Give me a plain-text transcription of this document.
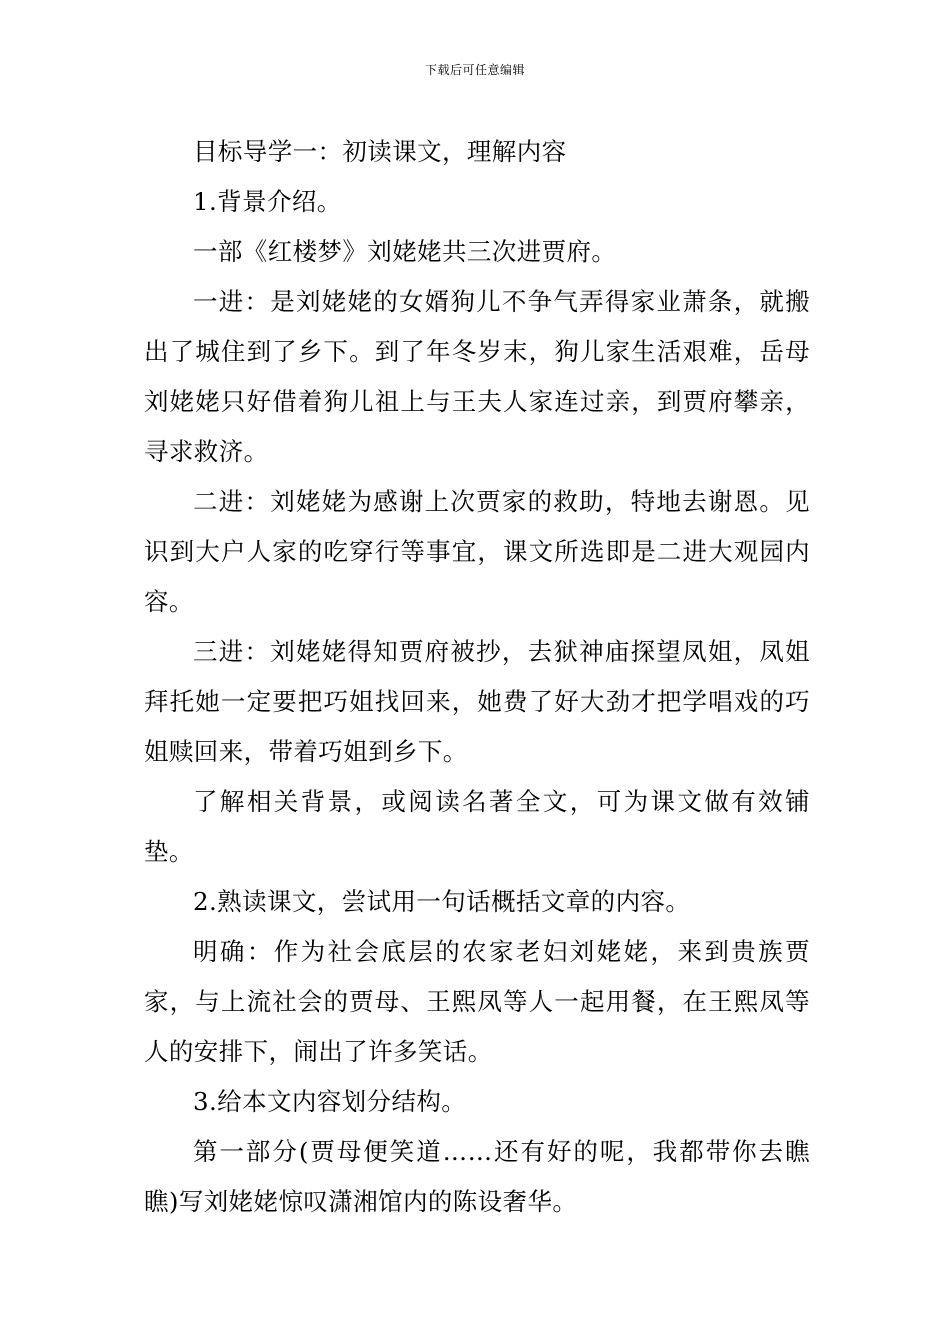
下载后可任意编辑

目标导学一：初读课文，理解内容

1.背景介绍。

一部《红楼梦》刘姥姥共三次进贾府。

一进：是刘姥姥的女婿狗儿不争气弄得家业萧条，就搬出了城住到了乡下。到了年冬岁末，狗儿家生活艰难，岳母刘姥姥只好借着狗儿祖上与王夫人家连过亲，到贾府攀亲，寻求救济。

二进：刘姥姥为感谢上次贾家的救助，特地去谢恩。见识到大户人家的吃穿行等事宜，课文所选即是二进大观园内容。

三进：刘姥姥得知贾府被抄，去狱神庙探望凤姐，凤姐拜托她一定要把巧姐找回来，她费了好大劲才把学唱戏的巧姐赎回来，带着巧姐到乡下。

了解相关背景，或阅读名著全文，可为课文做有效铺垫。

2.熟读课文，尝试用一句话概括文章的内容。

明确：作为社会底层的农家老妇刘姥姥，来到贵族贾家，与上流社会的贾母、王熙凤等人一起用餐，在王熙凤等人的安排下，闹出了许多笑话。

3.给本文内容划分结构。

第一部分(贾母便笑道……还有好的呢，我都带你去瞧瞧)写刘姥姥惊叹潇湘馆内的陈设奢华。
